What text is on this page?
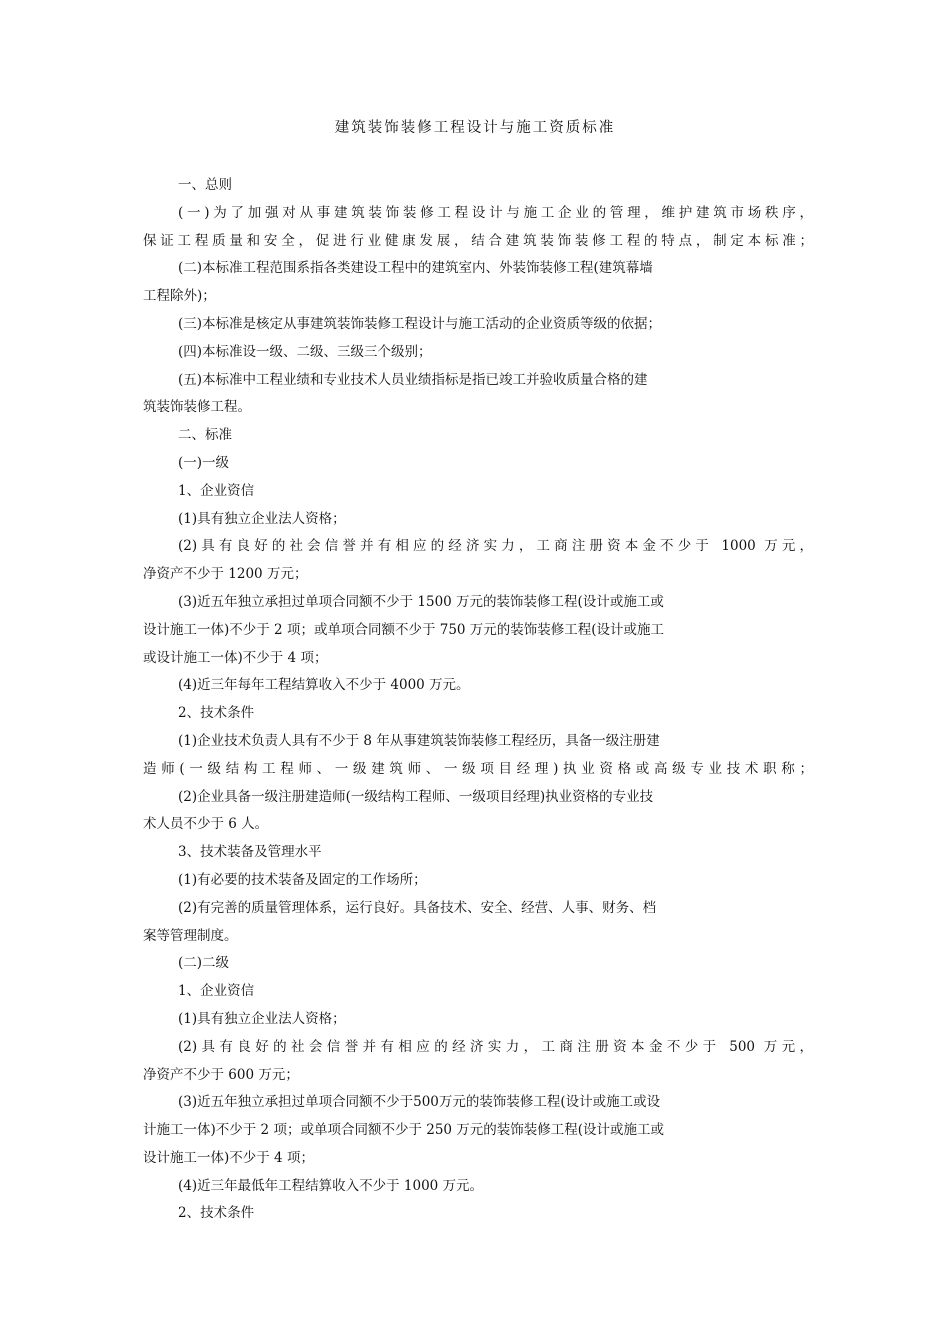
建筑装饰装修工程设计与施工资质标准
一、总则
(一)为了加强对从事建筑装饰装修工程设计与施工企业的管理，维护建筑市场秩序，
保证工程质量和安全，促进行业健康发展，结合建筑装饰装修工程的特点，制定本标准；
(二)本标准工程范围系指各类建设工程中的建筑室内、外装饰装修工程(建筑幕墙
工程除外)；
(三)本标准是核定从事建筑装饰装修工程设计与施工活动的企业资质等级的依据；
(四)本标准设一级、二级、三级三个级别；
(五)本标准中工程业绩和专业技术人员业绩指标是指已竣工并验收质量合格的建
筑装饰装修工程。
二、标准
(一)一级
1、企业资信
(1)具有独立企业法人资格；
(2)具有良好的社会信誉并有相应的经济实力，工商注册资本金不少于 1000 万元，
净资产不少于 1200 万元；
(3)近五年独立承担过单项合同额不少于 1500 万元的装饰装修工程(设计或施工或
设计施工一体)不少于 2 项；或单项合同额不少于 750 万元的装饰装修工程(设计或施工
或设计施工一体)不少于 4 项；
(4)近三年每年工程结算收入不少于 4000 万元。
2、技术条件
(1)企业技术负责人具有不少于 8 年从事建筑装饰装修工程经历，具备一级注册建
造师(一级结构工程师、一级建筑师、一级项目经理)执业资格或高级专业技术职称；
(2)企业具备一级注册建造师(一级结构工程师、一级项目经理)执业资格的专业技
术人员不少于 6 人。
3、技术装备及管理水平
(1)有必要的技术装备及固定的工作场所；
(2)有完善的质量管理体系，运行良好。具备技术、安全、经营、人事、财务、档
案等管理制度。
(二)二级
1、企业资信
(1)具有独立企业法人资格；
(2)具有良好的社会信誉并有相应的经济实力，工商注册资本金不少于 500 万元，
净资产不少于 600 万元；
(3)近五年独立承担过单项合同额不少于500万元的装饰装修工程(设计或施工或设
计施工一体)不少于 2 项；或单项合同额不少于 250 万元的装饰装修工程(设计或施工或
设计施工一体)不少于 4 项；
(4)近三年最低年工程结算收入不少于 1000 万元。
2、技术条件
